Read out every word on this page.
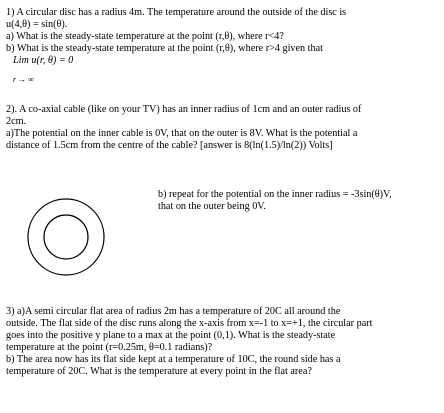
1) A circular disc has a radius 4m. The temperature around the outside of the disc is
u(4,θ) = sin(θ).
a) What is the steady-state temperature at the point (r,θ), where r<4?
b) What is the steady-state temperature at the point (r,θ), where r>4 given that
Lim u(r, θ) = 0
r → ∞
2). A co-axial cable (like on your TV) has an inner radius of 1cm and an outer radius of
2cm.
a)The potential on the inner cable is 0V, that on the outer is 8V. What is the potential a
distance of 1.5cm from the centre of the cable? [answer is 8(ln(1.5)/ln(2)) Volts]
b) repeat for the potential on the inner radius = -3sin(θ)V,
that on the outer being 0V.
3) a)A semi circular flat area of radius 2m has a temperature of 20C all around the
outside. The flat side of the disc runs along the x-axis from x=-1 to x=+1, the circular part
goes into the positive y plane to a max at the point (0,1). What is the steady-state
temperature at the point (r=0.25m, θ=0.1 radians)?
b) The area now has its flat side kept at a temperature of 10C, the round side has a
temperature of 20C. What is the temperature at every point in the flat area?
